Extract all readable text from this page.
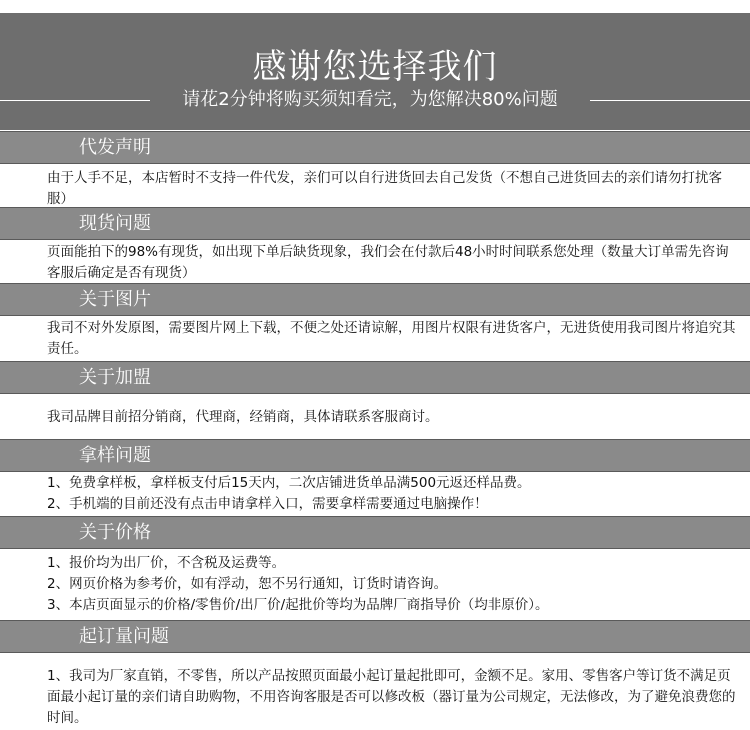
感谢您选择我们
请花2分钟将购买须知看完，为您解决80%问题
代发声明

由于人手不足，本店暂时不支持一件代发，亲们可以自行进货回去自己发货（不想自己进货回去的亲们请勿打扰客服）

现货问题

页面能拍下的98%有现货，如出现下单后缺货现象，我们会在付款后48小时时间联系您处理（数量大订单需先咨询客服后确定是否有现货）

关于图片

我司不对外发原图，需要图片网上下载，不便之处还请谅解，用图片权限有进货客户，无进货使用我司图片将追究其责任。

关于加盟

我司品牌目前招分销商，代理商，经销商，具体请联系客服商讨。

拿样问题

1、免费拿样板，拿样板支付后15天内，二次店铺进货单品满500元返还样品费。

2、手机端的目前还没有点击申请拿样入口，需要拿样需要通过电脑操作！

关于价格

1、报价均为出厂价，不含税及运费等。

2、网页价格为参考价，如有浮动，恕不另行通知，订货时请咨询。

3、本店页面显示的价格/零售价/出厂价/起批价等均为品牌厂商指导价（均非原价）。

起订量问题

1、我司为厂家直销，不零售，所以产品按照页面最小起订量起批即可，金额不足。家用、零售客户等订货不满足页面最小起订量的亲们请自助购物，不用咨询客服是否可以修改板（器订量为公司规定，无法修改，为了避免浪费您的时间。
